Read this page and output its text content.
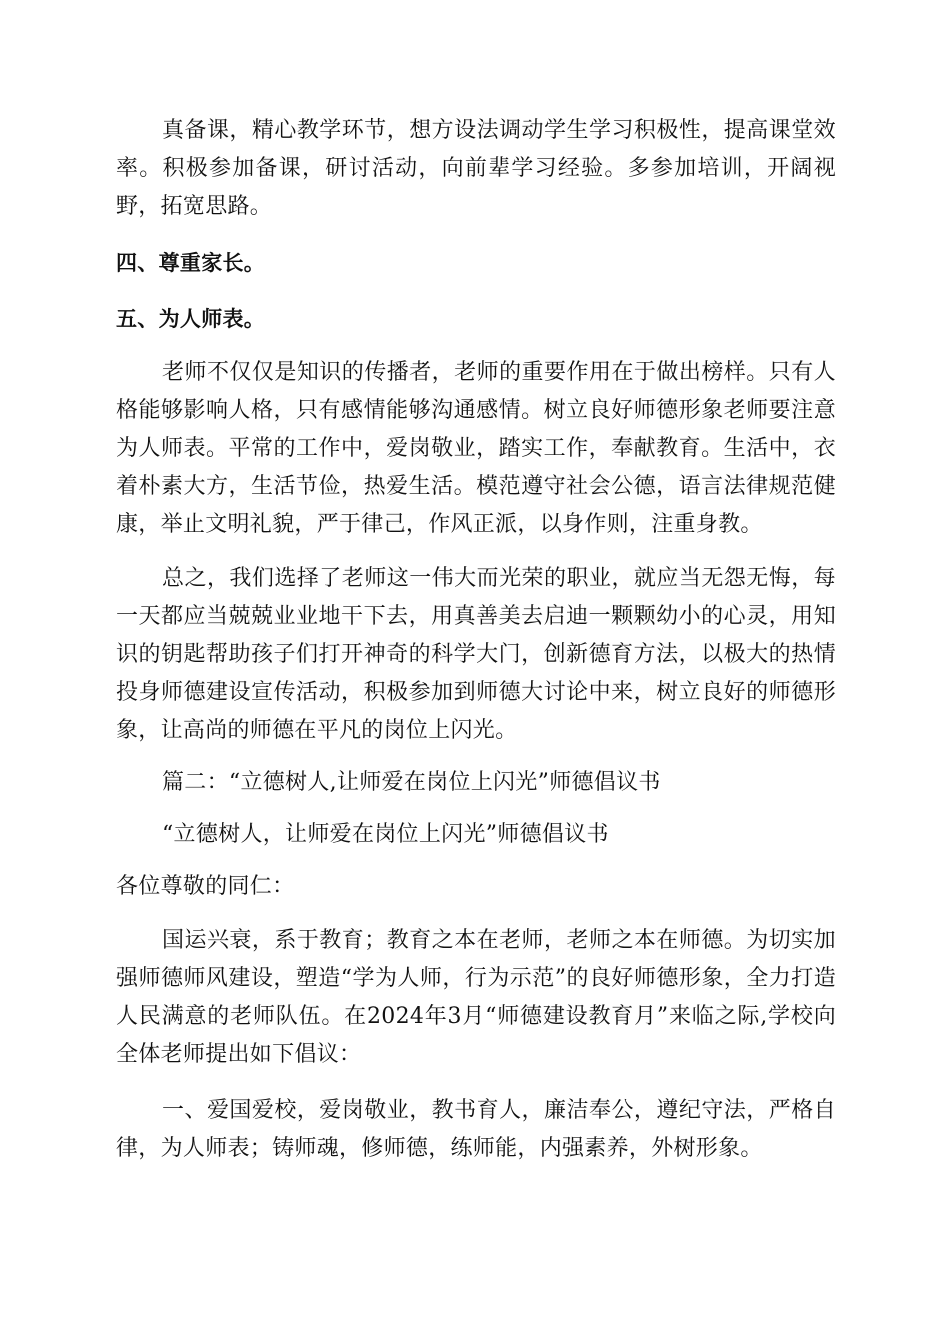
真备课，精心教学环节，想方设法调动学生学习积极性，提高课堂效率。积极参加备课，研讨活动，向前辈学习经验。多参加培训，开阔视野，拓宽思路。

四、尊重家长。

五、为人师表。

老师不仅仅是知识的传播者，老师的重要作用在于做出榜样。只有人格能够影响人格，只有感情能够沟通感情。树立良好师德形象老师要注意为人师表。平常的工作中，爱岗敬业，踏实工作，奉献教育。生活中，衣着朴素大方，生活节俭，热爱生活。模范遵守社会公德，语言法律规范健康，举止文明礼貌，严于律己，作风正派，以身作则，注重身教。

总之，我们选择了老师这一伟大而光荣的职业，就应当无怨无悔，每一天都应当兢兢业业地干下去，用真善美去启迪一颗颗幼小的心灵，用知识的钥匙帮助孩子们打开神奇的科学大门，创新德育方法，以极大的热情投身师德建设宣传活动，积极参加到师德大讨论中来，树立良好的师德形象，让高尚的师德在平凡的岗位上闪光。

篇二：“立德树人,让师爱在岗位上闪光”师德倡议书

“立德树人，让师爱在岗位上闪光”师德倡议书

各位尊敬的同仁：

国运兴衰，系于教育；教育之本在老师，老师之本在师德。为切实加强师德师风建设，塑造“学为人师，行为示范”的良好师德形象，全力打造人民满意的老师队伍。在2024年3月“师德建设教育月”来临之际,学校向全体老师提出如下倡议：

一、爱国爱校，爱岗敬业，教书育人，廉洁奉公，遵纪守法，严格自律，为人师表；铸师魂，修师德，练师能，内强素养，外树形象。
